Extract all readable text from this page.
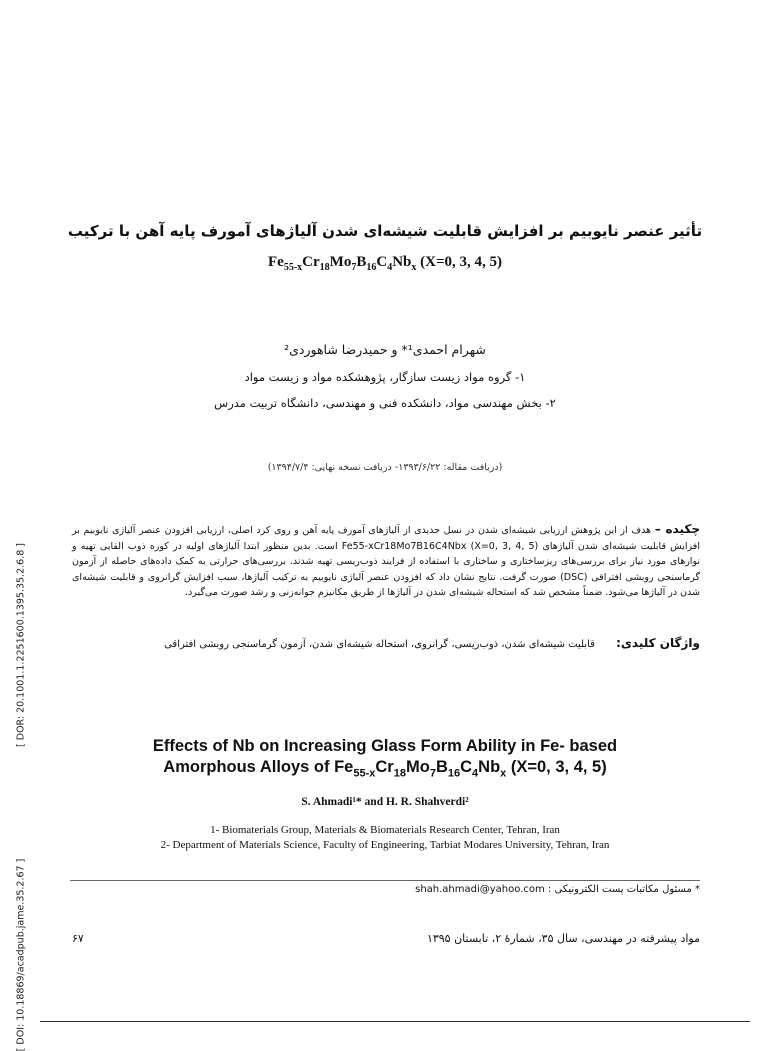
[ DOI: 10.18869/acadpub.jame.35.2.67 ]
[ DOR: 20.1001.1.2251600.1395.35.2.6.8 ]
تأثیر عنصر نایوبیم بر افزایش قابلیت شیشه‌ای شدن آلیاژهای آمورف پایه آهن با ترکیب
$Fe_{55-x}Cr_{18}Mo_7B_{16}C_4Nb_x$ (X=0, 3, 4, 5)
شهرام احمدی¹* و حمیدرضا شاهوردی²
۱- گروه مواد زیست سازگار، پژوهشکده مواد و زیست مواد
۲- بخش مهندسی مواد، دانشکده فنی و مهندسی، دانشگاه تربیت مدرس
(دریافت مقاله: ۱۳۹۳/۶/۲۲- دریافت نسخه نهایی: ۱۳۹۴/۷/۴)
چکیده – هدف از این پژوهش ارزیابی شیشه‌ای شدن در نسل جدیدی از آلیاژهای آمورف پایه آهن و روی کرد اصلی، ارزیابی افزودن عنصر آلیاژی نایوبیم بر افزایش قابلیت شیشه‌ای شدن آلیاژهای Fe55-xCr18Mo7B16C4Nbx (X=0, 3, 4, 5) است. بدین منظور ابتدا آلیاژهای اولیه در کوره ذوب القایی تهیه و نوارهای مورد نیاز برای بررسی‌های ریزساختاری و ساختاری با استفاده از فرایند ذوب‌ریسی تهیه شدند. بررسی‌های حرارتی به کمک داده‌های حاصله از آزمون گرماسنجی روبشی افتراقی (DSC) صورت گرفت. نتایج نشان داد که افزودن عنصر آلیاژی نایوبیم به ترکیب آلیاژها، سبب افزایش گرانروی و قابلیت شیشه‌ای شدن در آلیاژها می‌شود. ضمناً مشخص شد که استحاله شیشه‌ای شدن در آلیاژها از طریق مکانیزم جوانه‌زنی و رشد صورت می‌گیرد.
واژگان کلیدی: قابلیت شیشه‌ای شدن، ذوب‌ریسی، گرانروی، استحاله شیشه‌ای شدن، آزمون گرماسنجی روبشی افتراقی
Effects of Nb on Increasing Glass Form Ability in Fe- based
Amorphous Alloys of $Fe_{55-x}Cr_{18}Mo_7B_{16}C_4Nb_x$ (X=0, 3, 4, 5)
S. Ahmadi¹* and H. R. Shahverdi²
1- Biomaterials Group, Materials & Biomaterials Research Center, Tehran, Iran
2- Department of Materials Science, Faculty of Engineering, Tarbiat Modares University, Tehran, Iran
* مسئول مکاتبات پست الکترونیکی : shah.ahmadi@yahoo.com
مواد پیشرفته در مهندسی، سال ۳۵، شمارهٔ ۲، تابستان ۱۳۹۵
۶۷
